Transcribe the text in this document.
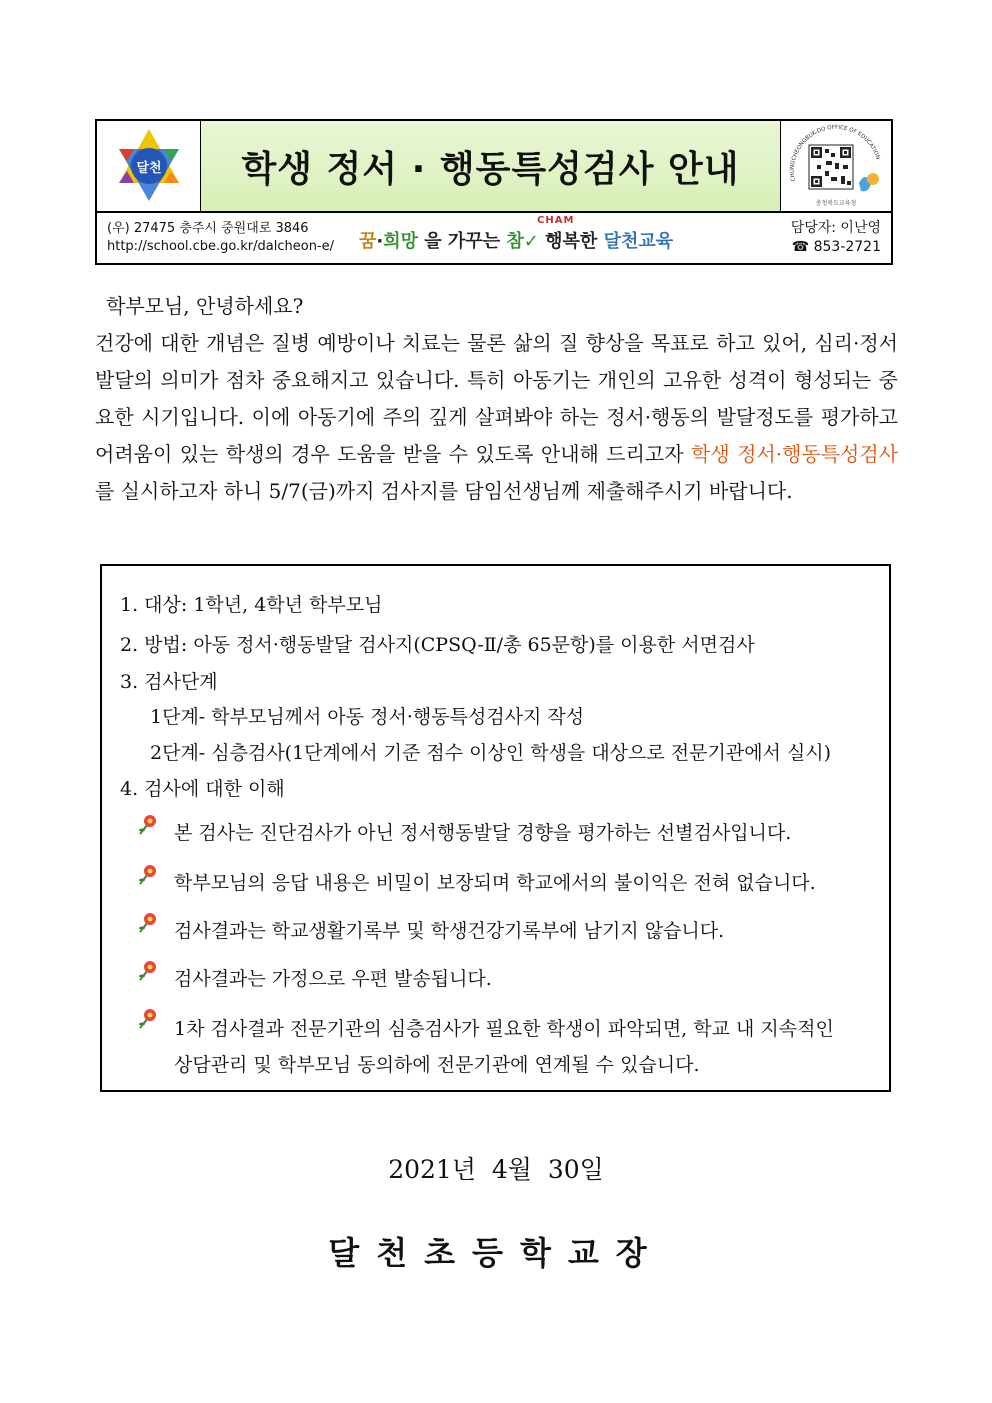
달천 학생 정서 · 행동특성검사 안내	CHUNGCHEONGBUK-DO OFFICE OF EDUCATION
충청북도교육청
(우) 27475 충주시 중원대로 3846
http://school.cbe.go.kr/dalcheon-e/ 꿈·희망 을 가꾸는 참✓ 행복한 달천교육
CHAM	담당자: 이난영
☎ 853-2721
학부모님, 안녕하세요?
건강에 대한 개념은 질병 예방이나 치료는 물론 삶의 질 향상을 목표로 하고 있어, 심리·정서 발달의 의미가 점차 중요해지고 있습니다. 특히 아동기는 개인의 고유한 성격이 형성되는 중요한 시기입니다. 이에 아동기에 주의 깊게 살펴봐야 하는 정서·행동의 발달정도를 평가하고 어려움이 있는 학생의 경우 도움을 받을 수 있도록 안내해 드리고자 학생 정서·행동특성검사를 실시하고자 하니 5/7(금)까지 검사지를 담임선생님께 제출해주시기 바랍니다.
1. 대상: 1학년, 4학년 학부모님
2. 방법: 아동 정서·행동발달 검사지(CPSQ-Ⅱ/총 65문항)를 이용한 서면검사
3. 검사단계
1단계- 학부모님께서 아동 정서·행동특성검사지 작성
2단계- 심층검사(1단계에서 기준 점수 이상인 학생을 대상으로 전문기관에서 실시)
4. 검사에 대한 이해
본 검사는 진단검사가 아닌 정서행동발달 경향을 평가하는 선별검사입니다.
학부모님의 응답 내용은 비밀이 보장되며 학교에서의 불이익은 전혀 없습니다.
검사결과는 학교생활기록부 및 학생건강기록부에 남기지 않습니다.
검사결과는 가정으로 우편 발송됩니다.
1차 검사결과 전문기관의 심층검사가 필요한 학생이 파악되면, 학교 내 지속적인
상담관리 및 학부모님 동의하에 전문기관에 연계될 수 있습니다.
2021년  4월  30일
달천초등학교장
